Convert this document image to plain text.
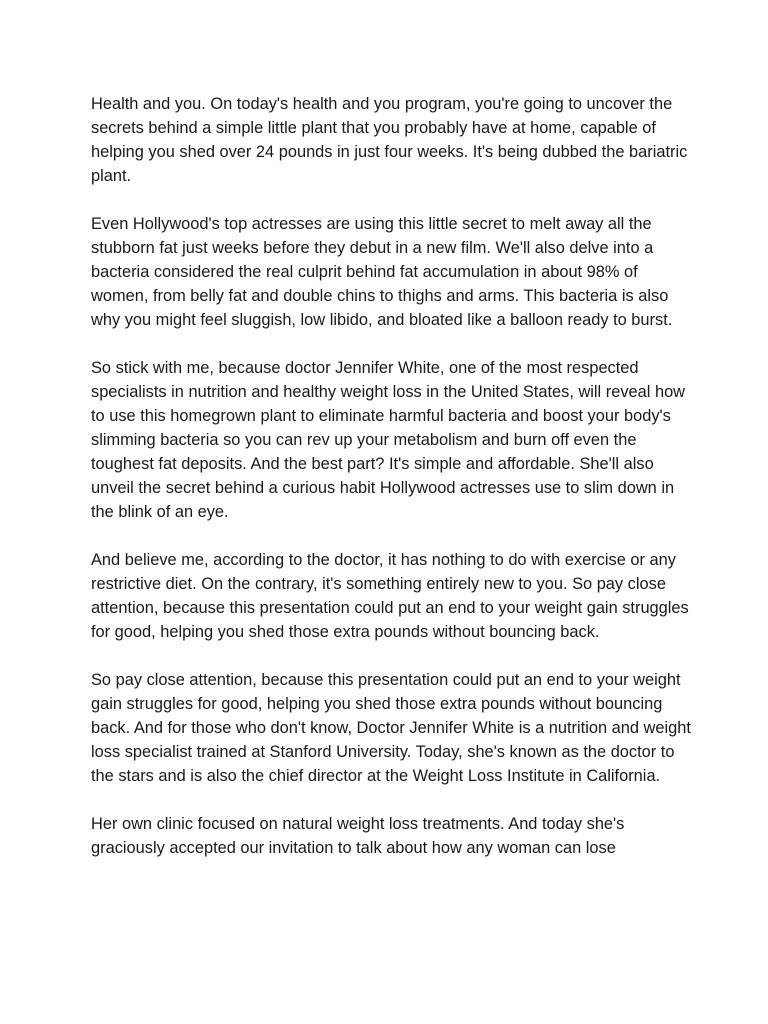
Health and you. On today's health and you program, you're going to uncover the secrets behind a simple little plant that you probably have at home, capable of helping you shed over 24 pounds in just four weeks. It's being dubbed the bariatric plant.

Even Hollywood's top actresses are using this little secret to melt away all the stubborn fat just weeks before they debut in a new film. We'll also delve into a bacteria considered the real culprit behind fat accumulation in about 98% of women, from belly fat and double chins to thighs and arms. This bacteria is also why you might feel sluggish, low libido, and bloated like a balloon ready to burst.

So stick with me, because doctor Jennifer White, one of the most respected specialists in nutrition and healthy weight loss in the United States, will reveal how to use this homegrown plant to eliminate harmful bacteria and boost your body's slimming bacteria so you can rev up your metabolism and burn off even the toughest fat deposits. And the best part? It's simple and affordable. She'll also unveil the secret behind a curious habit Hollywood actresses use to slim down in the blink of an eye.

And believe me, according to the doctor, it has nothing to do with exercise or any restrictive diet. On the contrary, it's something entirely new to you. So pay close attention, because this presentation could put an end to your weight gain struggles for good, helping you shed those extra pounds without bouncing back.

So pay close attention, because this presentation could put an end to your weight gain struggles for good, helping you shed those extra pounds without bouncing back. And for those who don't know, Doctor Jennifer White is a nutrition and weight loss specialist trained at Stanford University. Today, she's known as the doctor to the stars and is also the chief director at the Weight Loss Institute in California.

Her own clinic focused on natural weight loss treatments. And today she's graciously accepted our invitation to talk about how any woman can lose
